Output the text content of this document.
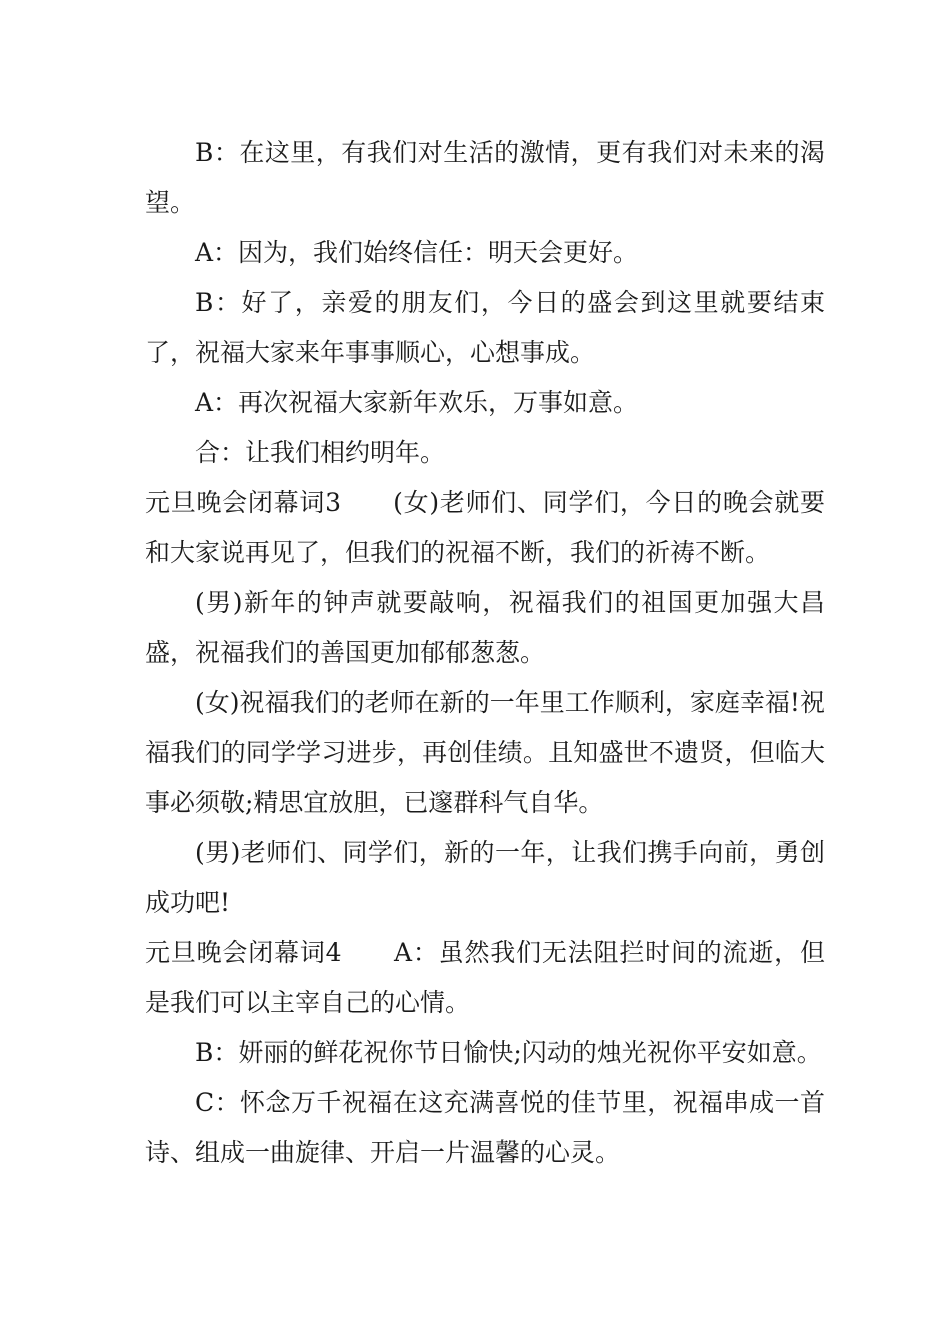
B：在这里，有我们对生活的激情，更有我们对未来的渴望。

A：因为，我们始终信任：明天会更好。

B：好了，亲爱的朋友们，今日的盛会到这里就要结束了，祝福大家来年事事顺心，心想事成。

A：再次祝福大家新年欢乐，万事如意。

合：让我们相约明年。

元旦晚会闭幕词3　　(女)老师们、同学们，今日的晚会就要和大家说再见了，但我们的祝福不断，我们的祈祷不断。

(男)新年的钟声就要敲响，祝福我们的祖国更加强大昌盛，祝福我们的善国更加郁郁葱葱。

(女)祝福我们的老师在新的一年里工作顺利，家庭幸福!祝福我们的同学学习进步，再创佳绩。且知盛世不遗贤，但临大事必须敬;精思宜放胆，已邃群科气自华。

(男)老师们、同学们，新的一年，让我们携手向前，勇创成功吧!

元旦晚会闭幕词4　　A：虽然我们无法阻拦时间的流逝，但是我们可以主宰自己的心情。

B：妍丽的鲜花祝你节日愉快;闪动的烛光祝你平安如意。

C：怀念万千祝福在这充满喜悦的佳节里，祝福串成一首诗、组成一曲旋律、开启一片温馨的心灵。
